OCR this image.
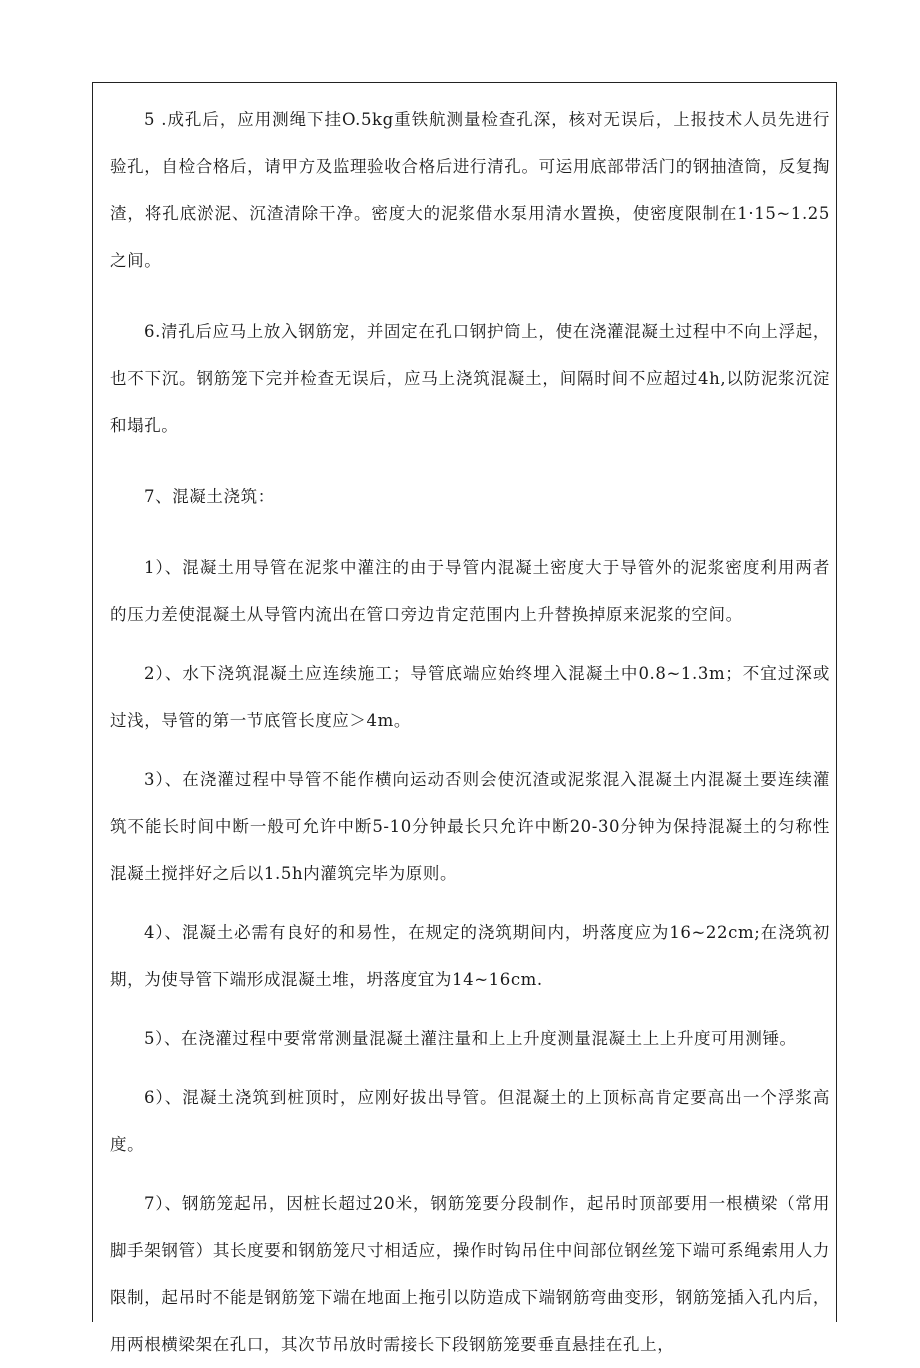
5 .成孔后，应用测绳下挂O.5kg重铁航测量检查孔深，核对无误后，上报技术人员先进行验孔，自检合格后，请甲方及监理验收合格后进行清孔。可运用底部带活门的钢抽渣筒，反复掏渣，将孔底淤泥、沉渣清除干净。密度大的泥浆借水泵用清水置换，使密度限制在1·15~1.25之间。

6.清孔后应马上放入钢筋宠，并固定在孔口钢护筒上，使在浇灌混凝土过程中不向上浮起，也不下沉。钢筋笼下完并检查无误后，应马上浇筑混凝土，间隔时间不应超过4h,以防泥浆沉淀和塌孔。

7、混凝土浇筑：

1）、混凝土用导管在泥浆中灌注的由于导管内混凝土密度大于导管外的泥浆密度利用两者的压力差使混凝土从导管内流出在管口旁边肯定范围内上升替换掉原来泥浆的空间。

2）、水下浇筑混凝土应连续施工；导管底端应始终埋入混凝土中0.8~1.3m；不宜过深或过浅，导管的第一节底管长度应＞4m。

3）、在浇灌过程中导管不能作横向运动否则会使沉渣或泥浆混入混凝土内混凝土要连续灌筑不能长时间中断一般可允许中断5-10分钟最长只允许中断20-30分钟为保持混凝土的匀称性混凝土搅拌好之后以1.5h内灌筑完毕为原则。

4）、混凝土必需有良好的和易性，在规定的浇筑期间内，坍落度应为16~22cm;在浇筑初期，为使导管下端形成混凝土堆，坍落度宜为14~16cm.

5）、在浇灌过程中要常常测量混凝土灌注量和上上升度测量混凝土上上升度可用测锤。

6）、混凝土浇筑到桩顶时，应刚好拔出导管。但混凝土的上顶标高肯定要高出一个浮浆高度。

7）、钢筋笼起吊，因桩长超过20米，钢筋笼要分段制作，起吊时顶部要用一根横梁（常用脚手架钢管）其长度要和钢筋笼尺寸相适应，操作时钩吊住中间部位钢丝笼下端可系绳索用人力限制，起吊时不能是钢筋笼下端在地面上拖引以防造成下端钢筋弯曲变形，钢筋笼插入孔内后，用两根横梁架在孔口，其次节吊放时需接长下段钢筋笼要垂直悬挂在孔上，
